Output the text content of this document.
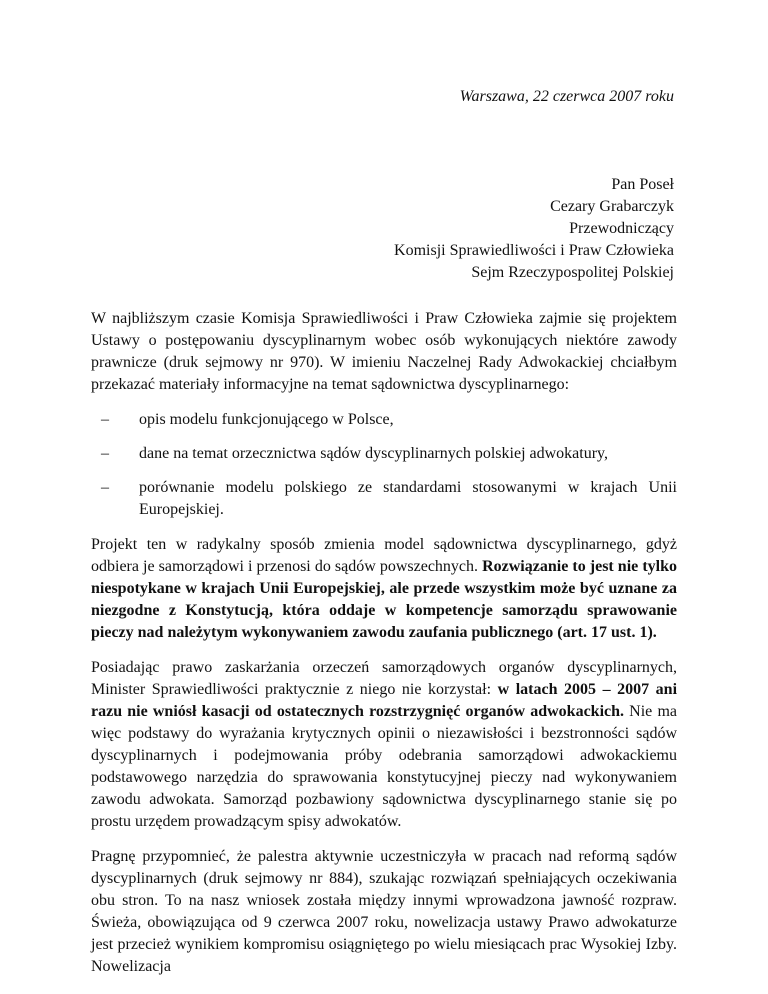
Warszawa, 22 czerwca 2007 roku
Pan Poseł
Cezary Grabarczyk
Przewodniczący
Komisji Sprawiedliwości i Praw Człowieka
Sejm Rzeczypospolitej Polskiej

W najbliższym czasie Komisja Sprawiedliwości i Praw Człowieka zajmie się projektem Ustawy o postępowaniu dyscyplinarnym wobec osób wykonujących niektóre zawody prawnicze (druk sejmowy nr 970). W imieniu Naczelnej Rady Adwokackiej chciałbym przekazać materiały informacyjne na temat sądownictwa dyscyplinarnego:

– opis modelu funkcjonującego w Polsce,
– dane na temat orzecznictwa sądów dyscyplinarnych polskiej adwokatury,
– porównanie modelu polskiego ze standardami stosowanymi w krajach Unii Europejskiej.

Projekt ten w radykalny sposób zmienia model sądownictwa dyscyplinarnego, gdyż odbiera je samorządowi i przenosi do sądów powszechnych. Rozwiązanie to jest nie tylko niespotykane w krajach Unii Europejskiej, ale przede wszystkim może być uznane za niezgodne z Konstytucją, która oddaje w kompetencje samorządu sprawowanie pieczy nad należytym wykonywaniem zawodu zaufania publicznego (art. 17 ust. 1).

Posiadając prawo zaskarżania orzeczeń samorządowych organów dyscyplinarnych, Minister Sprawiedliwości praktycznie z niego nie korzystał: w latach 2005 – 2007 ani razu nie wniósł kasacji od ostatecznych rozstrzygnięć organów adwokackich. Nie ma więc podstawy do wyrażania krytycznych opinii o niezawisłości i bezstronności sądów dyscyplinarnych i podejmowania próby odebrania samorządowi adwokackiemu podstawowego narzędzia do sprawowania konstytucyjnej pieczy nad wykonywaniem zawodu adwokata. Samorząd pozbawiony sądownictwa dyscyplinarnego stanie się po prostu urzędem prowadzącym spisy adwokatów.

Pragnę przypomnieć, że palestra aktywnie uczestniczyła w pracach nad reformą sądów dyscyplinarnych (druk sejmowy nr 884), szukając rozwiązań spełniających oczekiwania obu stron. To na nasz wniosek została między innymi wprowadzona jawność rozpraw. Świeża, obowiązująca od 9 czerwca 2007 roku, nowelizacja ustawy Prawo adwokaturze jest przecież wynikiem kompromisu osiągniętego po wielu miesiącach prac Wysokiej Izby. Nowelizacja
